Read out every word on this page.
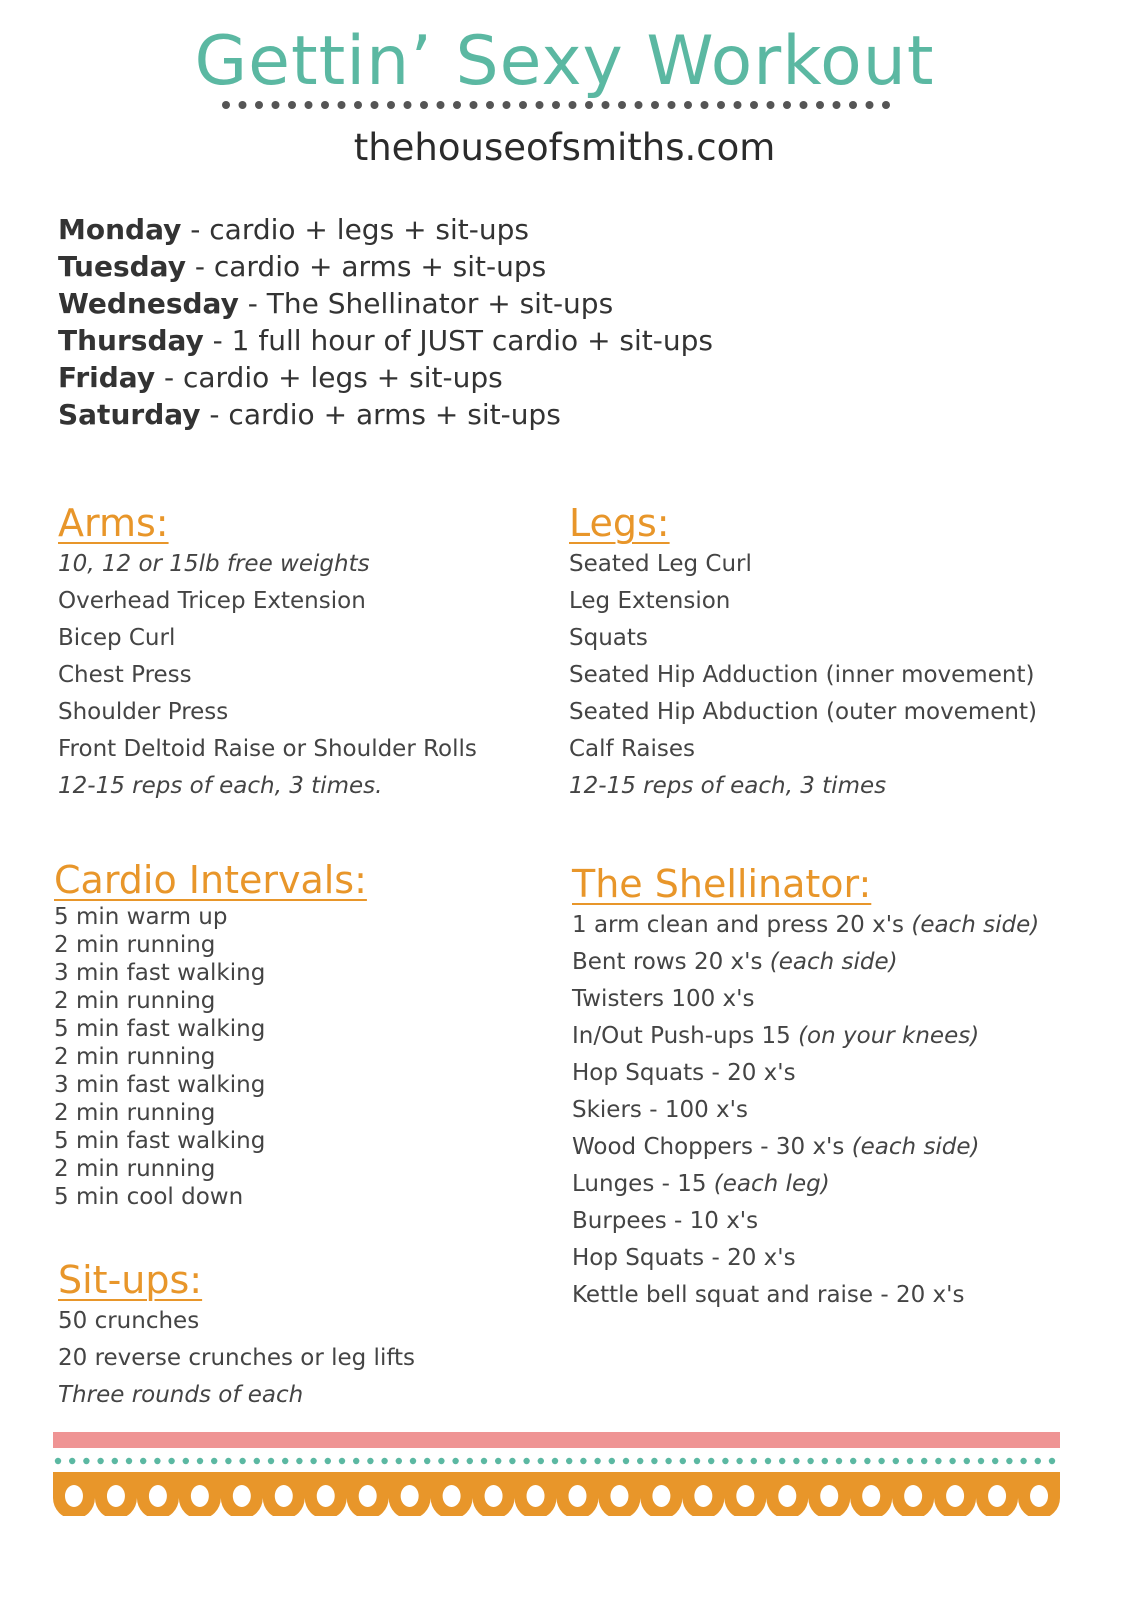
Gettin’ Sexy Workout
thehouseofsmiths.com
Monday - cardio + legs + sit-ups
Tuesday - cardio + arms + sit-ups
Wednesday - The Shellinator + sit-ups
Thursday - 1 full hour of JUST cardio + sit-ups
Friday - cardio + legs + sit-ups
Saturday - cardio + arms + sit-ups
Arms:
10, 12 or 15lb free weights
Overhead Tricep Extension
Bicep Curl
Chest Press
Shoulder Press
Front Deltoid Raise or Shoulder Rolls
12-15 reps of each, 3 times.
Legs:
Seated Leg Curl
Leg Extension
Squats
Seated Hip Adduction (inner movement)
Seated Hip Abduction (outer movement)
Calf Raises
12-15 reps of each, 3 times
Cardio Intervals:
5 min warm up
2 min running
3 min fast walking
2 min running
5 min fast walking
2 min running
3 min fast walking
2 min running
5 min fast walking
2 min running
5 min cool down
Sit-ups:
50 crunches
20 reverse crunches or leg lifts
Three rounds of each
The Shellinator:
1 arm clean and press 20 x's (each side)
Bent rows 20 x's (each side)
Twisters 100 x's
In/Out Push-ups 15 (on your knees)
Hop Squats - 20 x's
Skiers - 100 x's
Wood Choppers - 30 x's (each side)
Lunges - 15 (each leg)
Burpees - 10 x's
Hop Squats - 20 x's
Kettle bell squat and raise - 20 x's
